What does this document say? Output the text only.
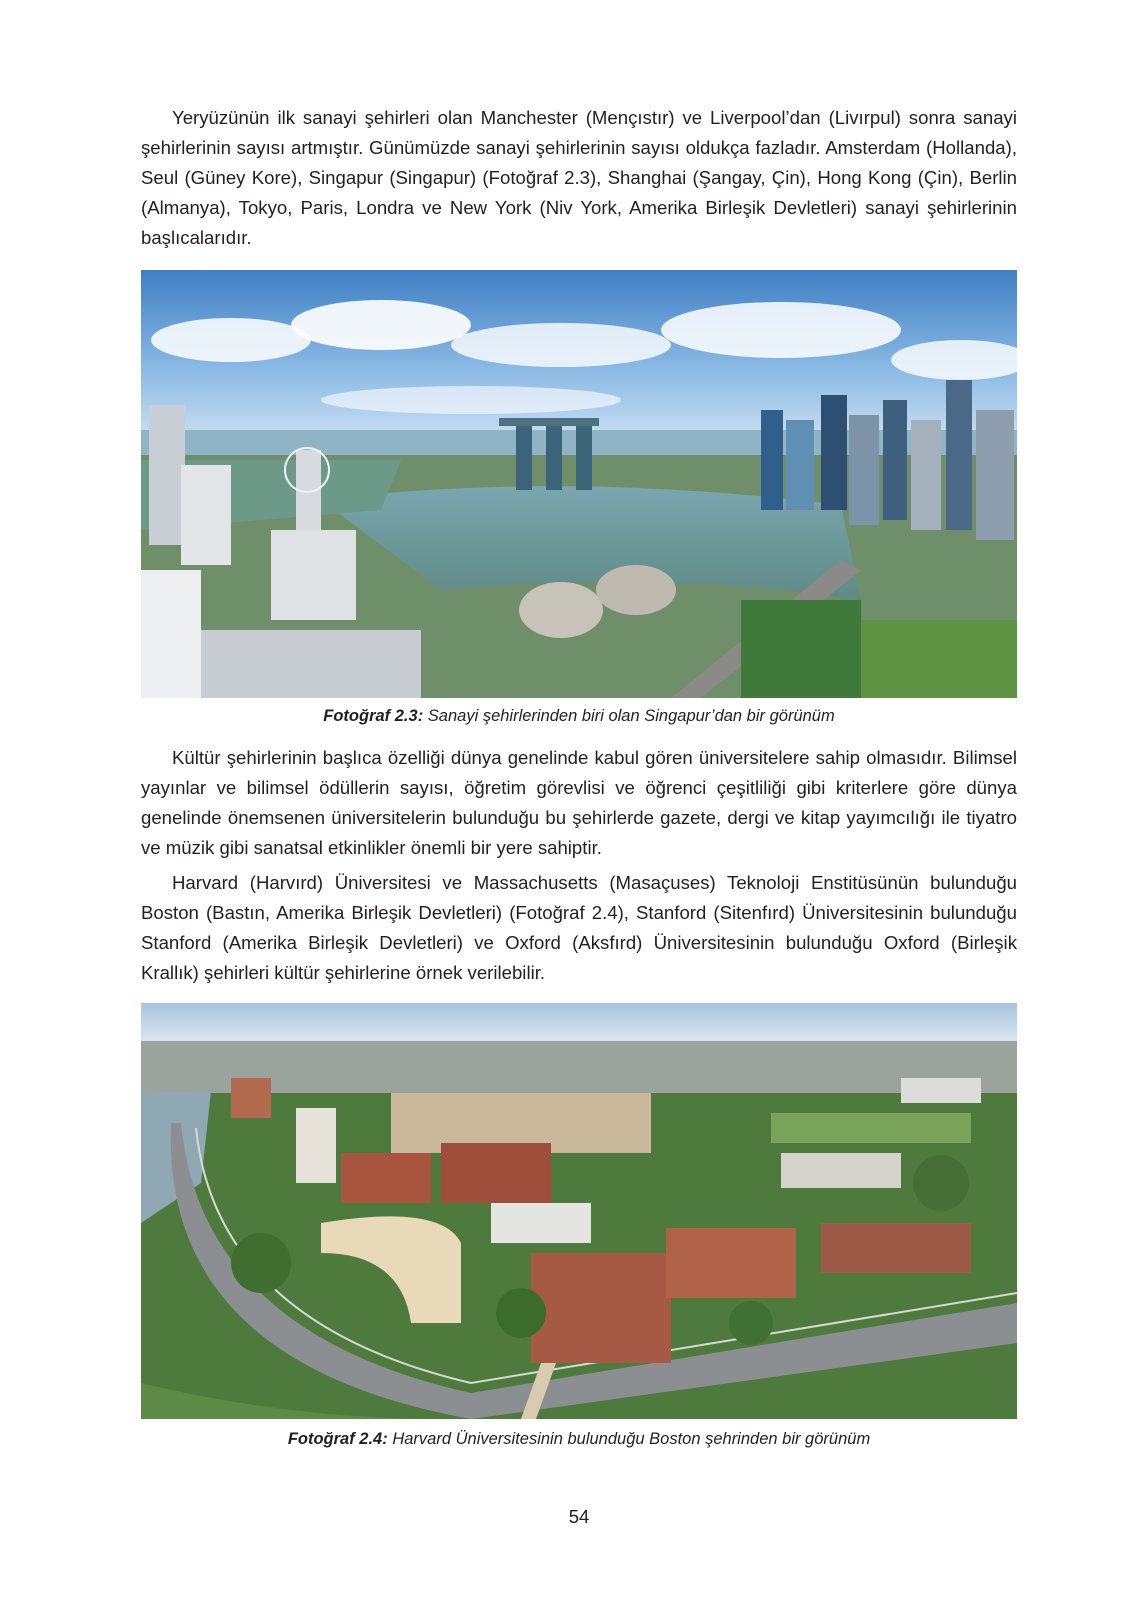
Yeryüzünün ilk sanayi şehirleri olan Manchester (Mençıstır) ve Liverpool’dan (Livırpul) sonra sanayi şehirlerinin sayısı artmıştır. Günümüzde sanayi şehirlerinin sayısı oldukça fazladır. Amsterdam (Hollanda), Seul (Güney Kore), Singapur (Singapur) (Fotoğraf 2.3), Shanghai (Şangay, Çin), Hong Kong (Çin), Berlin (Almanya), Tokyo, Paris, Londra ve New York (Niv York, Amerika Birleşik Devletleri) sanayi şehirlerinin başlıcalarıdır.

Fotoğraf 2.3: Sanayi şehirlerinden biri olan Singapur’dan bir görünüm

Kültür şehirlerinin başlıca özelliği dünya genelinde kabul gören üniversitelere sahip olmasıdır. Bilimsel yayınlar ve bilimsel ödüllerin sayısı, öğretim görevlisi ve öğrenci çeşitliliği gibi kriterlere göre dünya genelinde önemsenen üniversitelerin bulunduğu bu şehirlerde gazete, dergi ve kitap yayımcılığı ile tiyatro ve müzik gibi sanatsal etkinlikler önemli bir yere sahiptir.

Harvard (Harvırd) Üniversitesi ve Massachusetts (Masaçuses) Teknoloji Enstitüsünün bulunduğu Boston (Bastın, Amerika Birleşik Devletleri) (Fotoğraf 2.4), Stanford (Sitenfırd) Üniversitesinin bulunduğu Stanford (Amerika Birleşik Devletleri) ve Oxford (Aksfırd) Üniversitesinin bulunduğu Oxford (Birleşik Krallık) şehirleri kültür şehirlerine örnek verilebilir.

Fotoğraf 2.4: Harvard Üniversitesinin bulunduğu Boston şehrinden bir görünüm
54
